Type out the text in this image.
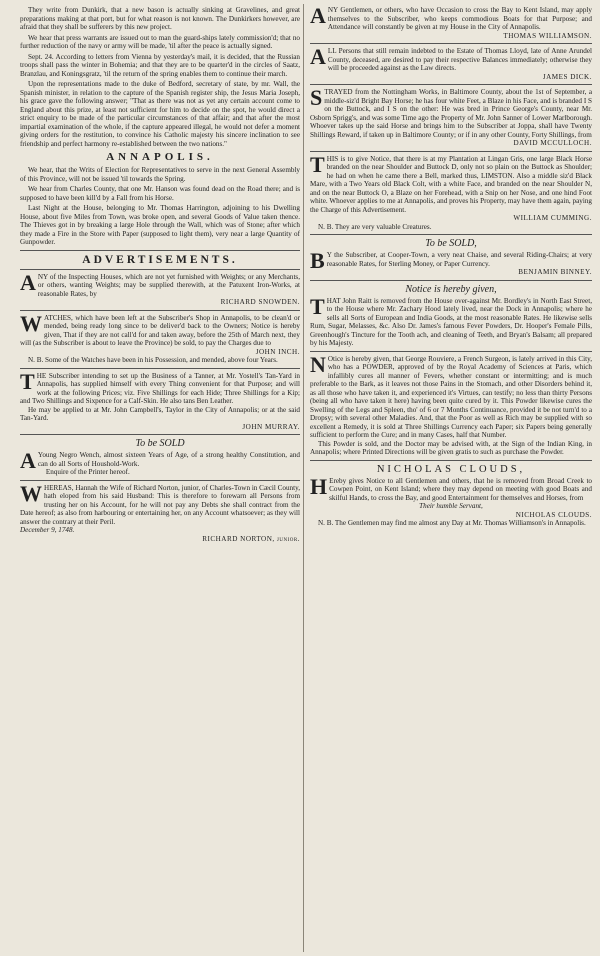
They write from Dunkirk, that a new bason is actually sinking at Gravelines, and great preparations making at that port, but for what reason is not known. The Dunkirkers however, are afraid that they shall be sufferers by this new project.

We hear that press warrants are issued out to man the guard-ships lately commission'd; that no further reduction of the navy or army will be made, 'til after the peace is actually signed.

Sept. 24. According to letters from Vienna by yesterday's mail, it is decided, that the Russian troops shall pass the winter in Bohemia; and that they are to be quarter'd in the circles of Saatz, Branzlau, and Koningsgratz, 'til the return of the spring enables them to continue their march.

Upon the representations made to the duke of Bedford, secretary of state, by mr. Wall, the Spanish minister, in relation to the capture of the Spanish register ship, the Jesus Maria Joseph, his grace gave the following answer; "That as there was not as yet any certain account come to England about this prize, at least not sufficient for him to decide on the spot, he would direct a strict enquiry to be made of the particular circumstances of that affair; and that after the most impartial examination of the whole, if the capture appeared illegal, he would not defer a moment giving orders for the restitution, to convince his Catholic majesty his sincere inclination to see friendship and perfect harmony re-established between the two nations."

ANNAPOLIS.

We hear, that the Writs of Election for Representatives to serve in the next General Assembly of this Province, will not be issued 'til towards the Spring.

We hear from Charles County, that one Mr. Hanson was found dead on the Road there; and is supposed to have been kill'd by a Fall from his Horse.

Last Night at the House, belonging to Mr. Thomas Harrington, adjoining to his Dwelling House, about five Miles from Town, was broke open, and several Goods of Value taken thence. The Thieves got in by breaking a large Hole through the Wall, which was of Stone; after which they made a Fire in the Store with Paper (supposed to light them), very near a large Quantity of Gunpowder.

ADVERTISEMENTS.
A NY of the Inspecting Houses, which are not yet furnished with Weights; or any Merchants, or others, wanting Weights; may be supplied therewith, at the Patuxent Iron-Works, at reasonable Rates, by

RICHARD SNOWDEN.

W ATCHES, which have been left at the Subscriber's Shop in Annapolis, to be clean'd or mended, being ready long since to be deliver'd back to the Owners; Notice is hereby given, That if they are not call'd for and taken away, before the 25th of March next, they will (as the Subscriber is about to leave the Province) be sold, to pay the Charges due to

JOHN INCH.

N. B. Some of the Watches have been in his Possession, and mended, above four Years.

T HE Subscriber intending to set up the Business of a Tanner, at Mr. Yostell's Tan-Yard in Annapolis, has supplied himself with every Thing convenient for that Purpose; and will work at the following Prices; viz. Five Shillings for each Hide; Three Shillings for a Kip; and Two Shillings and Sixpence for a Calf-Skin. He also tans Ben Leather.

He may be applied to at Mr. John Campbell's, Taylor in the City of Annapolis; or at the said Tan-Yard.

JOHN MURRAY.

To be SOLD
A Young Negro Wench, almost sixteen Years of Age, of a strong healthy Constitution, and can do all Sorts of Houshold-Work.

Enquire of the Printer hereof.

W HEREAS, Hannah the Wife of Richard Norton, junior, of Charles-Town in Cæcil County, hath eloped from his said Husband: This is therefore to forewarn all Persons from trusting her on his Account, for he will not pay any Debts she shall contract from the Date hereof; as also from harbouring or entertaining her, on any Account whatsoever; as they will answer the contrary at their Peril.

December 9, 1748.

RICHARD NORTON, junior.

A NY Gentlemen, or others, who have Occasion to cross the Bay to Kent Island, may apply themselves to the Subscriber, who keeps commodious Boats for that Purpose; and Attendance will constantly be given at my House in the City of Annapolis.

THOMAS WILLIAMSON.

A LL Persons that still remain indebted to the Estate of Thomas Lloyd, late of Anne Arundel County, deceased, are desired to pay their respective Balances immediately; otherwise they will be proceeded against as the Law directs.

JAMES DICK.

S TRAYED from the Nottingham Works, in Baltimore County, about the 1st of September, a middle-siz'd Bright Bay Horse; he has four white Feet, a Blaze in his Face, and is branded I S on the Buttock, and I S on the other: He was bred in Prince George's County, near Mr. Osborn Sprigg's, and was some Time ago the Property of Mr. John Sanner of Lower Marlborough. Whoever takes up the said Horse and brings him to the Subscriber at Joppa, shall have Twenty Shillings Reward, if taken up in Baltimore County; or if in any other County, Forty Shillings, from

DAVID MCCULLOCH.

T HIS is to give Notice, that there is at my Plantation at Lingan Gris, one large Black Horse branded on the near Shoulder and Buttock D, only not so plain on the Buttock as Shoulder; he had on when he came there a Bell, marked thus, LIMSTON. Also a middle siz'd Black Mare, with a Two Years old Black Colt, with a white Face, and branded on the near Shoulder N, and on the near Buttock O, a Blaze on her Forehead, with a Snip on her Nose, and one hind Foot white. Whoever applies to me at Annapolis, and proves his Property, may have them again, paying the Charge of this Advertisement.

WILLIAM CUMMING.

N. B. They are very valuable Creatures.

To be SOLD,
B Y the Subscriber, at Cooper-Town, a very neat Chaise, and several Riding-Chairs; at very reasonable Rates, for Sterling Money, or Paper Currency.

BENJAMIN BINNEY.

Notice is hereby given,
T HAT John Raitt is removed from the House over-against Mr. Bordley's in North East Street, to the House where Mr. Zachary Hood lately lived, near the Dock in Annapolis; where he sells all Sorts of European and India Goods, at the most reasonable Rates. He likewise sells Rum, Sugar, Melasses, &c. Also Dr. James's famous Fever Powders, Dr. Hooper's Female Pills, Greenhough's Tincture for the Tooth ach, and cleaning of Teeth, and Bryan's Balsam; all prepared by his Majesty.

N Otice is hereby given, that George Rouviere, a French Surgeon, is lately arrived in this City, who has a POWDER, approved of by the Royal Academy of Sciences at Paris, which infallibly cures all manner of Fevers, whether constant or intermitting; and is much preferable to the Bark, as it leaves not those Pains in the Stomach, and other Disorders behind it, as all those who have taken it, and experienced it's Virtues, can testify; no less than thirty Persons (being all who have taken it here) having been quite cured by it. This Powder likewise cures the Swelling of the Legs and Spleen, tho' of 6 or 7 Months Continuance, provided it be not turn'd to a Dropsy; with several other Maladies. And, that the Poor as well as Rich may be supplied with so excellent a Remedy, it is sold at Three Shillings Currency each Paper; six Papers being generally sufficient to perform the Cure; and in many Cases, half that Number.

This Powder is sold, and the Doctor may be advised with, at the Sign of the Indian King, in Annapolis; where Printed Directions will be given gratis to such as purchase the Powder.

NICHOLAS CLOUDS,
H Ereby gives Notice to all Gentlemen and others, that he is removed from Broad Creek to Cowpen Point, on Kent Island; where they may depend on meeting with good Boats and skilful Hands, to cross the Bay, and good Entertainment for themselves and Horses, from

Their humble Servant,

NICHOLAS CLOUDS.

N. B. The Gentlemen may find me almost any Day at Mr. Thomas Williamson's in Annapolis.
